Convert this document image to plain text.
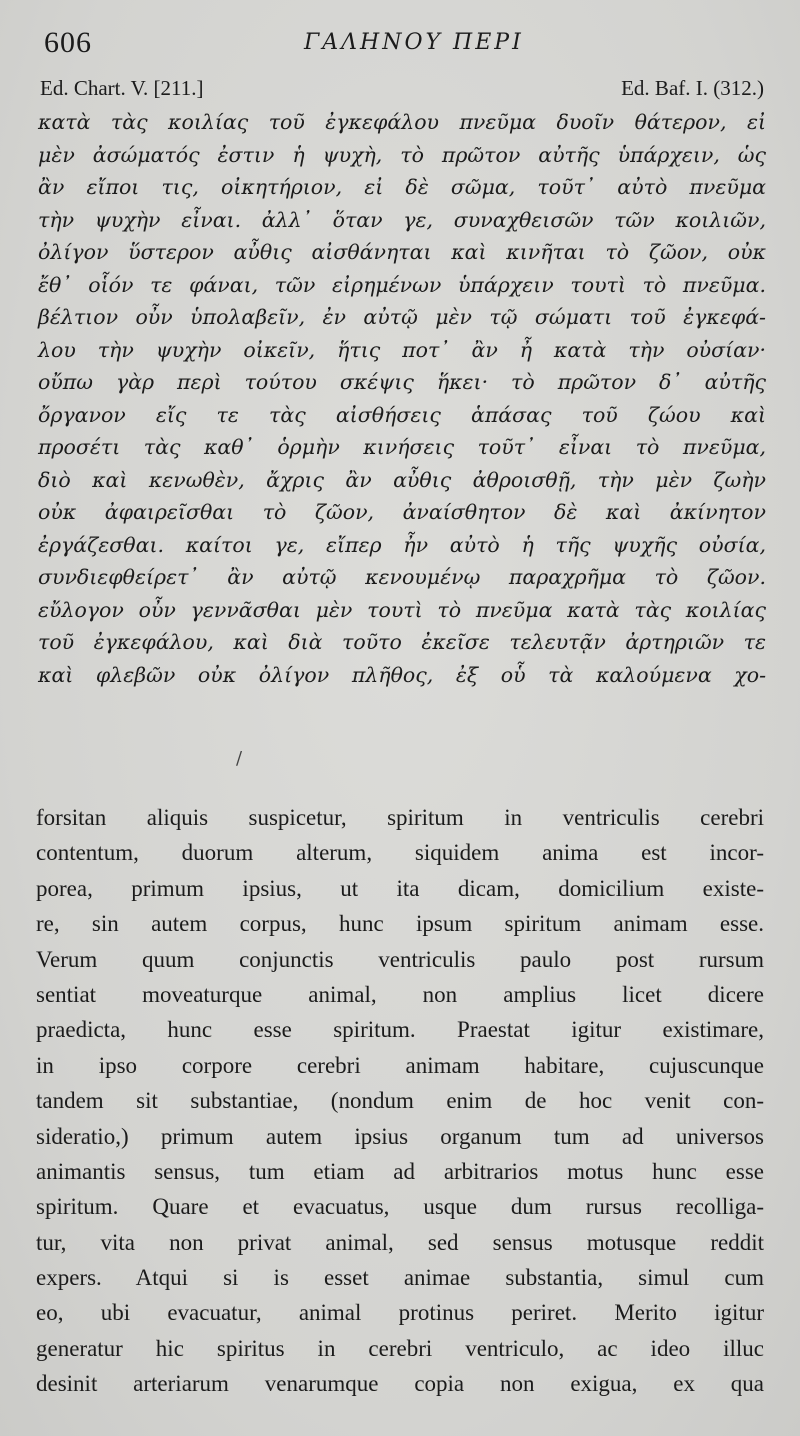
606	ΓΑΛΗΝΟΥ ΠΕΡΙ
Ed. Chart. V. [211.]	Ed. Baf. I. (312.)
κατὰ τὰς κοιλίας τοῦ ἐγκεφάλου πνεῦμα δυοῖν θάτερον, εἰ
μὲν ἀσώματός ἐστιν ἡ ψυχὴ, τὸ πρῶτον αὐτῆς ὑπάρχειν, ὡς
ἂν εἴποι τις, οἰκητήριον, εἰ δὲ σῶμα, τοῦτ᾽ αὐτὸ πνεῦμα
τὴν ψυχὴν εἶναι. ἀλλ᾽ ὅταν γε, συναχθεισῶν τῶν κοιλιῶν,
ὀλίγον ὕστερον αὖθις αἰσθάνηται καὶ κινῆται τὸ ζῶον, οὐκ
ἔθ᾽ οἷόν τε φάναι, τῶν εἰρημένων ὑπάρχειν τουτὶ τὸ πνεῦμα.
βέλτιον οὖν ὑπολαβεῖν, ἐν αὐτῷ μὲν τῷ σώματι τοῦ ἐγκεφά-
λου τὴν ψυχὴν οἰκεῖν, ἥτις ποτ᾽ ἂν ἦ κατὰ τὴν οὐσίαν·
οὔπω γὰρ περὶ τούτου σκέψις ἥκει· τὸ πρῶτον δ᾽ αὐτῆς
ὄργανον εἴς τε τὰς αἰσθήσεις ἁπάσας τοῦ ζώου καὶ
προσέτι τὰς καθ᾽ ὁρμὴν κινήσεις τοῦτ᾽ εἶναι τὸ πνεῦμα,
διὸ καὶ κενωθὲν, ἄχρις ἂν αὖθις ἀθροισθῇ, τὴν μὲν ζωὴν
οὐκ ἀφαιρεῖσθαι τὸ ζῶον, ἀναίσθητον δὲ καὶ ἀκίνητον
ἐργάζεσθαι. καίτοι γε, εἴπερ ἦν αὐτὸ ἡ τῆς ψυχῆς οὐσία,
συνδιεφθείρετ᾽ ἂν αὐτῷ κενουμένῳ παραχρῆμα τὸ ζῶον.
εὔλογον οὖν γεννᾶσθαι μὲν τουτὶ τὸ πνεῦμα κατὰ τὰς κοιλίας
τοῦ ἐγκεφάλου, καὶ διὰ τοῦτο ἐκεῖσε τελευτᾷν ἀρτηριῶν τε
καὶ φλεβῶν οὐκ ὀλίγον πλῆθος, ἐξ οὗ τὰ καλούμενα χο-
/
forsitan aliquis suspicetur, spiritum in ventriculis cerebri
contentum, duorum alterum, siquidem anima est incor-
porea, primum ipsius, ut ita dicam, domicilium existe-
re, sin autem corpus, hunc ipsum spiritum animam esse.
Verum quum conjunctis ventriculis paulo post rursum
sentiat moveaturque animal, non amplius licet dicere
praedicta, hunc esse spiritum. Praestat igitur existimare,
in ipso corpore cerebri animam habitare, cujuscunque
tandem sit substantiae, (nondum enim de hoc venit con-
sideratio,) primum autem ipsius organum tum ad universos
animantis sensus, tum etiam ad arbitrarios motus hunc esse
spiritum. Quare et evacuatus, usque dum rursus recolliga-
tur, vita non privat animal, sed sensus motusque reddit
expers. Atqui si is esset animae substantia, simul cum
eo, ubi evacuatur, animal protinus periret. Merito igitur
generatur hic spiritus in cerebri ventriculo, ac ideo illuc
desinit arteriarum venarumque copia non exigua, ex qua
